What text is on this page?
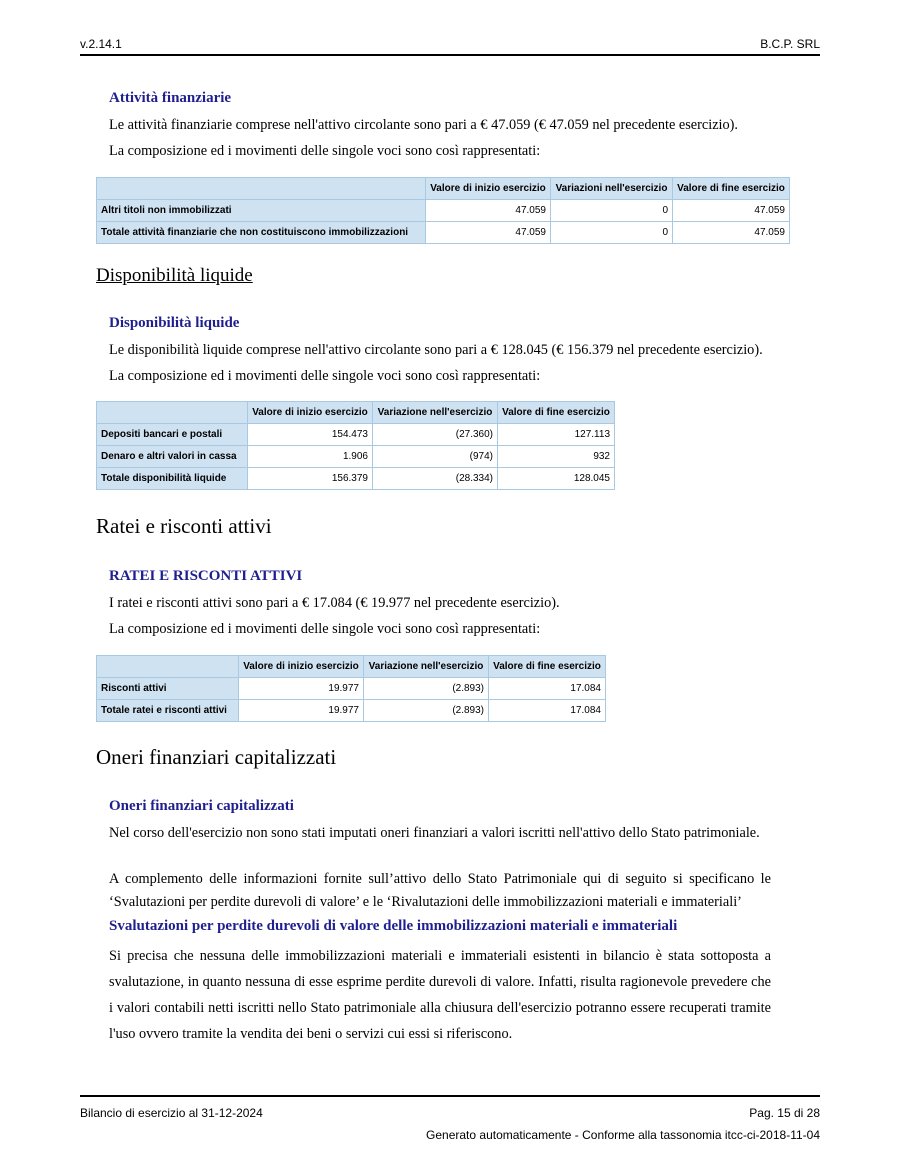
v.2.14.1	B.C.P. SRL
Attività finanziarie
Le attività finanziarie comprese nell'attivo circolante sono pari a € 47.059 (€ 47.059 nel precedente esercizio).
La composizione ed i movimenti delle singole voci sono così rappresentati:
	Valore di inizio esercizio	Variazioni nell'esercizio	Valore di fine esercizio
Altri titoli non immobilizzati	47.059	0	47.059
Totale attività finanziarie che non costituiscono immobilizzazioni	47.059	0	47.059
Disponibilità liquide
Disponibilità liquide
Le disponibilità liquide comprese nell'attivo circolante sono pari a € 128.045 (€ 156.379 nel precedente esercizio).
La composizione ed i movimenti delle singole voci sono così rappresentati:
	Valore di inizio esercizio	Variazione nell'esercizio	Valore di fine esercizio
Depositi bancari e postali	154.473	(27.360)	127.113
Denaro e altri valori in cassa	1.906	(974)	932
Totale disponibilità liquide	156.379	(28.334)	128.045
Ratei e risconti attivi
RATEI E RISCONTI ATTIVI
I ratei e risconti attivi sono pari a € 17.084 (€ 19.977 nel precedente esercizio).
La composizione ed i movimenti delle singole voci sono così rappresentati:
	Valore di inizio esercizio	Variazione nell'esercizio	Valore di fine esercizio
Risconti attivi	19.977	(2.893)	17.084
Totale ratei e risconti attivi	19.977	(2.893)	17.084
Oneri finanziari capitalizzati
Oneri finanziari capitalizzati
Nel corso dell'esercizio non sono stati imputati oneri finanziari a valori iscritti nell'attivo dello Stato patrimoniale.
A complemento delle informazioni fornite sull’attivo dello Stato Patrimoniale qui di seguito si specificano le ‘Svalutazioni per perdite durevoli di valore’ e le ‘Rivalutazioni delle immobilizzazioni materiali e immateriali’
Svalutazioni per perdite durevoli di valore delle immobilizzazioni materiali e immateriali
Si precisa che nessuna delle immobilizzazioni materiali e immateriali esistenti in bilancio è stata sottoposta a svalutazione, in quanto nessuna di esse esprime perdite durevoli di valore. Infatti, risulta ragionevole prevedere che i valori contabili netti iscritti nello Stato patrimoniale alla chiusura dell'esercizio potranno essere recuperati tramite l'uso ovvero tramite la vendita dei beni o servizi cui essi si riferiscono.
Bilancio di esercizio al 31-12-2024	Pag. 15 di 28
Generato automaticamente - Conforme alla tassonomia itcc-ci-2018-11-04
